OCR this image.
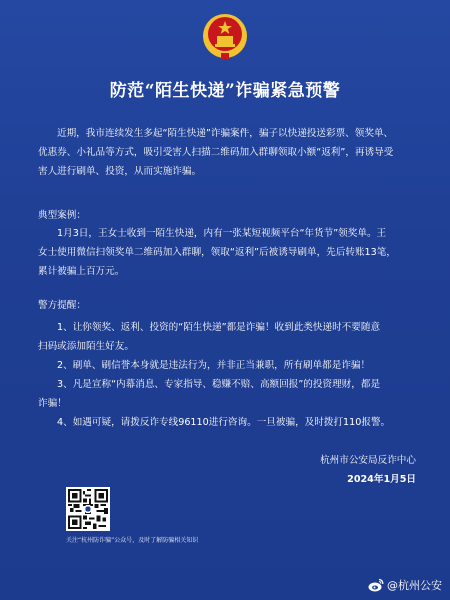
防范“陌生快递”诈骗紧急预警
近期，我市连续发生多起“陌生快递”诈骗案件，骗子以快递投送彩票、领奖单、
优惠券、小礼品等方式，吸引受害人扫描二维码加入群聊领取小额“返利”，再诱导受
害人进行刷单、投资，从而实施诈骗。
典型案例：
1月3日，王女士收到一陌生快递，内有一张某短视频平台“年货节”领奖单。王
女士使用微信扫领奖单二维码加入群聊，领取“返利”后被诱导刷单，先后转账13笔，
累计被骗上百万元。
警方提醒：
1、让你领奖、返利、投资的“陌生快递”都是诈骗！收到此类快递时不要随意
扫码或添加陌生好友。
2、刷单、刷信誉本身就是违法行为，并非正当兼职，所有刷单都是诈骗！
3、凡是宣称“内幕消息、专家指导、稳赚不赔、高额回报”的投资理财，都是
诈骗！
4、如遇可疑，请拨反诈专线96110进行咨询。一旦被骗，及时拨打110报警。
杭州市公安局反诈中心
2024年1月5日
关注“杭州防诈骗”公众号，及时了解防骗相关知识
@杭州公安
